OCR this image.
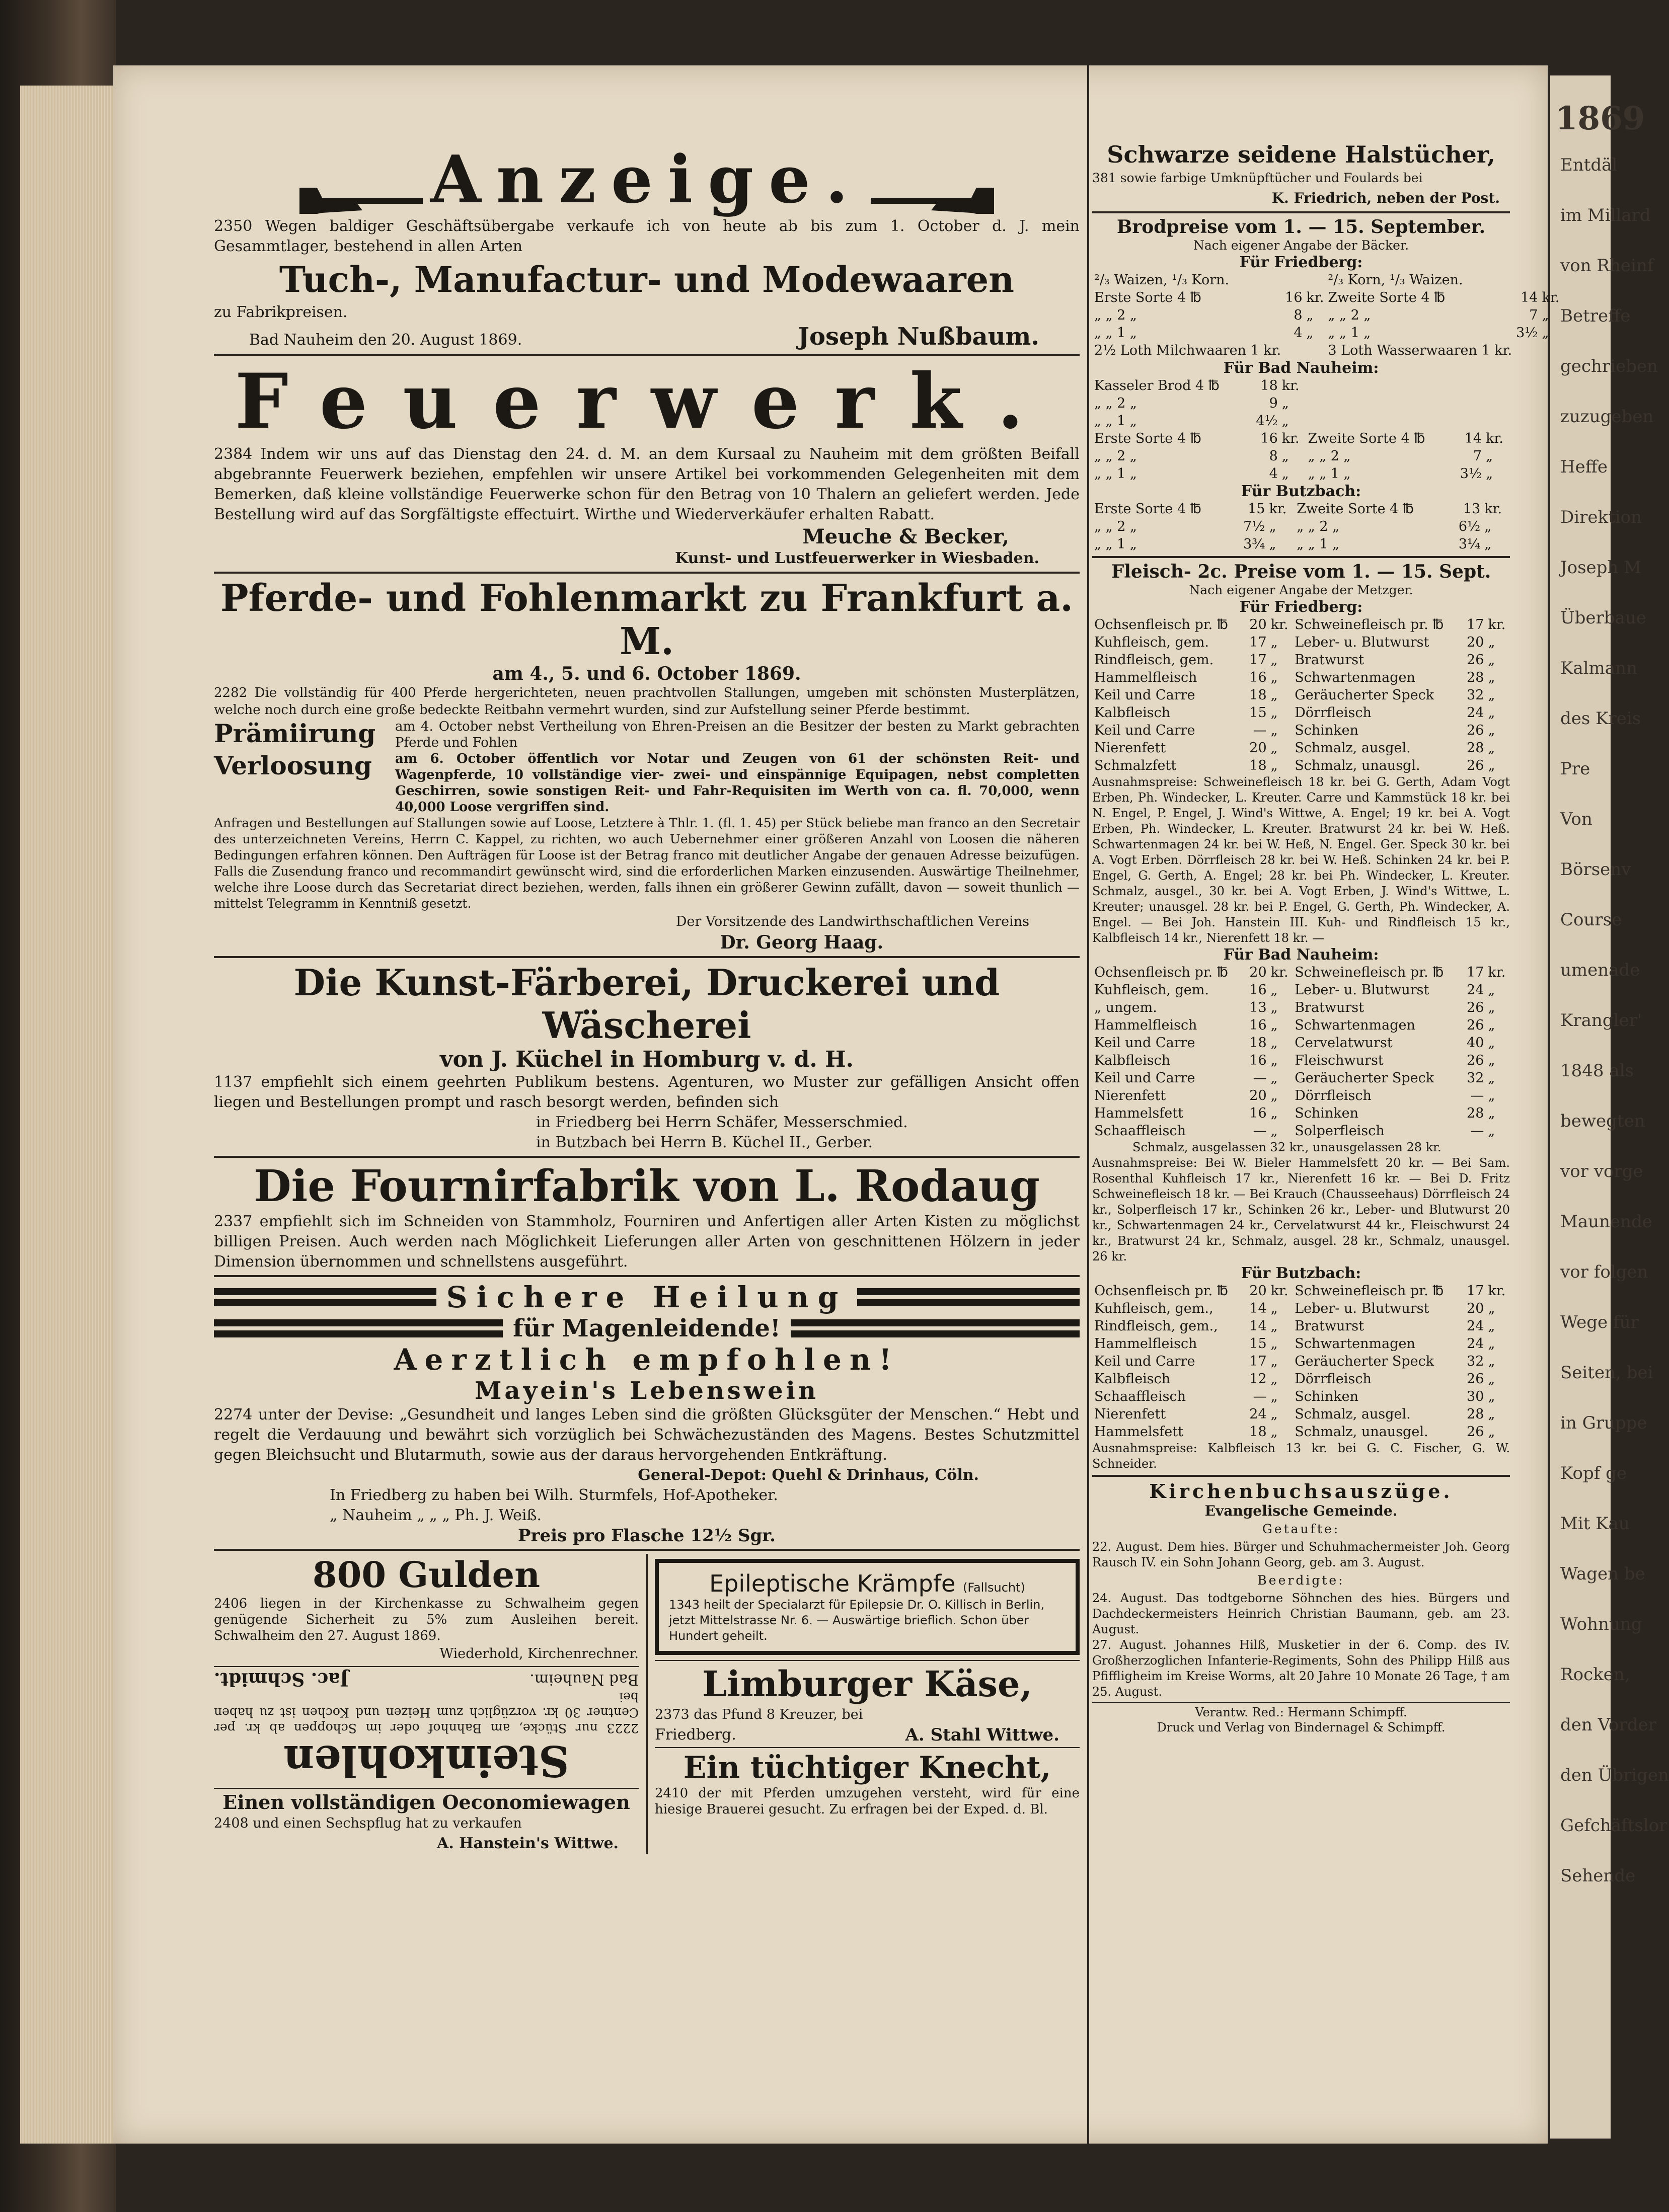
1869
Entdäl
im Millard
von Rheinf
Betreffe
gechrieben
zuzugeben
Heffe
Direktion
Joseph M
Überbaue
Kalmann
des Kreis
Pre
Von
Börsenv
Course
umenade
Krangler'
1848 als
bewegten
vor vorge
Maunende
vor folgen
Wege für
Seiten, bei
in Gruppe
Kopf ge
Mit Kau
Wagen be
Wohnung
Rocken,
den Vorder
den Übrigen
Gefchäftslor
Sehende
Anzeige.
2350 Wegen baldiger Geschäftsübergabe verkaufe ich von heute ab bis zum 1. October d. J. mein Gesammtlager, bestehend in allen Arten
Tuch-, Manufactur- und Modewaaren
zu Fabrikpreisen.
Bad Nauheim den 20. August 1869.	Joseph Nußbaum.
Feuerwerk.
2384 Indem wir uns auf das Dienstag den 24. d. M. an dem Kursaal zu Nauheim mit dem größten Beifall abgebrannte Feuerwerk beziehen, empfehlen wir unsere Artikel bei vorkommenden Gelegenheiten mit dem Bemerken, daß kleine vollständige Feuerwerke schon für den Betrag von 10 Thalern an geliefert werden. Jede Bestellung wird auf das Sorgfältigste effectuirt. Wirthe und Wiederverkäufer erhalten Rabatt.
Meuche & Becker,
Kunst- und Lustfeuerwerker in Wiesbaden.
Pferde- und Fohlenmarkt zu Frankfurt a. M.
am 4., 5. und 6. October 1869.
2282 Die vollständig für 400 Pferde hergerichteten, neuen prachtvollen Stallungen, umgeben mit schönsten Musterplätzen, welche noch durch eine große bedeckte Reitbahn vermehrt wurden, sind zur Aufstellung seiner Pferde bestimmt.
Prämiirung	am 4. October nebst Vertheilung von Ehren-Preisen an die Besitzer der besten zu Markt gebrachten Pferde und Fohlen
Verloosung	am 6. October öffentlich vor Notar und Zeugen von 61 der schönsten Reit- und Wagenpferde, 10 vollständige vier- zwei- und einspännige Equipagen, nebst completten Geschirren, sowie sonstigen Reit- und Fahr-Requisiten im Werth von ca. fl. 70,000, wenn 40,000 Loose vergriffen sind.
Anfragen und Bestellungen auf Stallungen sowie auf Loose, Letztere à Thlr. 1. (fl. 1. 45) per Stück beliebe man franco an den Secretair des unterzeichneten Vereins, Herrn C. Kappel, zu richten, wo auch Uebernehmer einer größeren Anzahl von Loosen die näheren Bedingungen erfahren können. Den Aufträgen für Loose ist der Betrag franco mit deutlicher Angabe der genauen Adresse beizufügen. Falls die Zusendung franco und recommandirt gewünscht wird, sind die erforderlichen Marken einzusenden. Auswärtige Theilnehmer, welche ihre Loose durch das Secretariat direct beziehen, werden, falls ihnen ein größerer Gewinn zufällt, davon — soweit thunlich — mittelst Telegramm in Kenntniß gesetzt.
Der Vorsitzende des Landwirthschaftlichen Vereins
Dr. Georg Haag.
Die Kunst-Färberei, Druckerei und Wäscherei
von J. Küchel in Homburg v. d. H.
1137 empfiehlt sich einem geehrten Publikum bestens. Agenturen, wo Muster zur gefälligen Ansicht offen liegen und Bestellungen prompt und rasch besorgt werden, befinden sich
in Friedberg bei Herrn Schäfer, Messerschmied.
in Butzbach bei Herrn B. Küchel II., Gerber.
Die Fournirfabrik von L. Rodaug
2337 empfiehlt sich im Schneiden von Stammholz, Fourniren und Anfertigen aller Arten Kisten zu möglichst billigen Preisen. Auch werden nach Möglichkeit Lieferungen aller Arten von geschnittenen Hölzern in jeder Dimension übernommen und schnellstens ausgeführt.
Sichere Heilung
für Magenleidende!
Aerztlich empfohlen!
Mayein's Lebenswein
2274 unter der Devise: „Gesundheit und langes Leben sind die größten Glücksgüter der Menschen.“ Hebt und regelt die Verdauung und bewährt sich vorzüglich bei Schwächezuständen des Magens. Bestes Schutzmittel gegen Bleichsucht und Blutarmuth, sowie aus der daraus hervorgehenden Entkräftung.
General-Depot: Quehl & Drinhaus, Cöln.
In Friedberg zu haben bei Wilh. Sturmfels, Hof-Apotheker.
„ Nauheim „ „ „ Ph. J. Weiß.
Preis pro Flasche 12½ Sgr.
800 Gulden
2406 liegen in der Kirchenkasse zu Schwalheim gegen genügende Sicherheit zu 5% zum Ausleihen bereit. Schwalheim den 27. August 1869.
Wiederhold, Kirchenrechner.
Steinkohlen
2223 nur Stücke, am Bahnhof oder im Schoppen ab kr. per Centner 30 kr. vorzüglich zum Heizen und Kochen ist zu haben bei
Bad Nauheim.
Jac. Schmidt.
Einen vollständigen Oeconomiewagen
2408 und einen Sechspflug hat zu verkaufen
A. Hanstein's Wittwe.
Epileptische Krämpfe (Fallsucht)
1343 heilt der Specialarzt für Epilepsie Dr. O. Killisch in Berlin, jetzt Mittelstrasse Nr. 6. — Auswärtige brieflich. Schon über Hundert geheilt.
Limburger Käse,
2373 das Pfund 8 Kreuzer, bei
Friedberg.	A. Stahl Wittwe.
Ein tüchtiger Knecht,
2410 der mit Pferden umzugehen versteht, wird für eine hiesige Brauerei gesucht. Zu erfragen bei der Exped. d. Bl.
Schwarze seidene Halstücher,
381 sowie farbige Umknüpftücher und Foulards bei
K. Friedrich, neben der Post.
Brodpreise vom 1. — 15. September.
Nach eigener Angabe der Bäcker.
Für Friedberg:
²/₃ Waizen, ¹/₃ Korn.			²/₃ Korn, ¹/₃ Waizen.		
Erste Sorte 4 ℔	16	kr.	Zweite Sorte 4 ℔	14	kr.
„ „ 2 „	8	„	„ „ 2 „	7	„
„ „ 1 „	4	„	„ „ 1 „	3½	„
2½ Loth Milchwaaren 1 kr.			3 Loth Wasserwaaren 1 kr.		
Für Bad Nauheim:
Kasseler Brod 4 ℔	18	kr.			
„ „ 2 „	9	„			
„ „ 1 „	4½	„			
Erste Sorte 4 ℔	16	kr.	Zweite Sorte 4 ℔	14	kr.
„ „ 2 „	8	„	„ „ 2 „	7	„
„ „ 1 „	4	„	„ „ 1 „	3½	„
Für Butzbach:
Erste Sorte 4 ℔	15	kr.	Zweite Sorte 4 ℔	13	kr.
„ „ 2 „	7½	„	„ „ 2 „	6½	„
„ „ 1 „	3¾	„	„ „ 1 „	3¼	„
Fleisch- 2c. Preise vom 1. — 15. Sept.
Nach eigener Angabe der Metzger.
Für Friedberg:
Ochsenfleisch pr. ℔	20	kr.	Schweinefleisch pr. ℔	17	kr.
Kuhfleisch, gem.	17	„	Leber- u. Blutwurst	20	„
Rindfleisch, gem.	17	„	Bratwurst	26	„
Hammelfleisch	16	„	Schwartenmagen	28	„
Keil und Carre	18	„	Geräucherter Speck	32	„
Kalbfleisch	15	„	Dörrfleisch	24	„
Keil und Carre	—	„	Schinken	26	„
Nierenfett	20	„	Schmalz, ausgel.	28	„
Schmalzfett	18	„	Schmalz, unausgl.	26	„
Ausnahmspreise: Schweinefleisch 18 kr. bei G. Gerth, Adam Vogt Erben, Ph. Windecker, L. Kreuter. Carre und Kammstück 18 kr. bei N. Engel, P. Engel, J. Wind's Wittwe, A. Engel; 19 kr. bei A. Vogt Erben, Ph. Windecker, L. Kreuter. Bratwurst 24 kr. bei W. Heß. Schwartenmagen 24 kr. bei W. Heß, N. Engel. Ger. Speck 30 kr. bei A. Vogt Erben. Dörrfleisch 28 kr. bei W. Heß. Schinken 24 kr. bei P. Engel, G. Gerth, A. Engel; 28 kr. bei Ph. Windecker, L. Kreuter. Schmalz, ausgel., 30 kr. bei A. Vogt Erben, J. Wind's Wittwe, L. Kreuter; unausgel. 28 kr. bei P. Engel, G. Gerth, Ph. Windecker, A. Engel. — Bei Joh. Hanstein III. Kuh- und Rindfleisch 15 kr., Kalbfleisch 14 kr., Nierenfett 18 kr. —
Für Bad Nauheim:
Ochsenfleisch pr. ℔	20	kr.	Schweinefleisch pr. ℔	17	kr.
Kuhfleisch, gem.	16	„	Leber- u. Blutwurst	24	„
„ ungem.	13	„	Bratwurst	26	„
Hammelfleisch	16	„	Schwartenmagen	26	„
Keil und Carre	18	„	Cervelatwurst	40	„
Kalbfleisch	16	„	Fleischwurst	26	„
Keil und Carre	—	„	Geräucherter Speck	32	„
Nierenfett	20	„	Dörrfleisch	—	„
Hammelsfett	16	„	Schinken	28	„
Schaaffleisch	—	„	Solperfleisch	—	„
Schmalz, ausgelassen 32 kr., unausgelassen 28 kr.
Ausnahmspreise: Bei W. Bieler Hammelsfett 20 kr. — Bei Sam. Rosenthal Kuhfleisch 17 kr., Nierenfett 16 kr. — Bei D. Fritz Schweinefleisch 18 kr. — Bei Krauch (Chausseehaus) Dörrfleisch 24 kr., Solperfleisch 17 kr., Schinken 26 kr., Leber- und Blutwurst 20 kr., Schwartenmagen 24 kr., Cervelatwurst 44 kr., Fleischwurst 24 kr., Bratwurst 24 kr., Schmalz, ausgel. 28 kr., Schmalz, unausgel. 26 kr.
Für Butzbach:
Ochsenfleisch pr. ℔	20	kr.	Schweinefleisch pr. ℔	17	kr.
Kuhfleisch, gem.,	14	„	Leber- u. Blutwurst	20	„
Rindfleisch, gem.,	14	„	Bratwurst	24	„
Hammelfleisch	15	„	Schwartenmagen	24	„
Keil und Carre	17	„	Geräucherter Speck	32	„
Kalbfleisch	12	„	Dörrfleisch	26	„
Schaaffleisch	—	„	Schinken	30	„
Nierenfett	24	„	Schmalz, ausgel.	28	„
Hammelsfett	18	„	Schmalz, unausgel.	26	„
Ausnahmspreise: Kalbfleisch 13 kr. bei G. C. Fischer, G. W. Schneider.
Kirchenbuchsauszüge.
Evangelische Gemeinde.
Getaufte:
22. August. Dem hies. Bürger und Schuhmachermeister Joh. Georg Rausch IV. ein Sohn Johann Georg, geb. am 3. August.
Beerdigte:
24. August. Das todtgeborne Söhnchen des hies. Bürgers und Dachdeckermeisters Heinrich Christian Baumann, geb. am 23. August.
27. August. Johannes Hilß, Musketier in der 6. Comp. des IV. Großherzoglichen Infanterie-Regiments, Sohn des Philipp Hilß aus Pfiffligheim im Kreise Worms, alt 20 Jahre 10 Monate 26 Tage, † am 25. August.
Verantw. Red.: Hermann Schimpff.
Druck und Verlag von Bindernagel & Schimpff.
